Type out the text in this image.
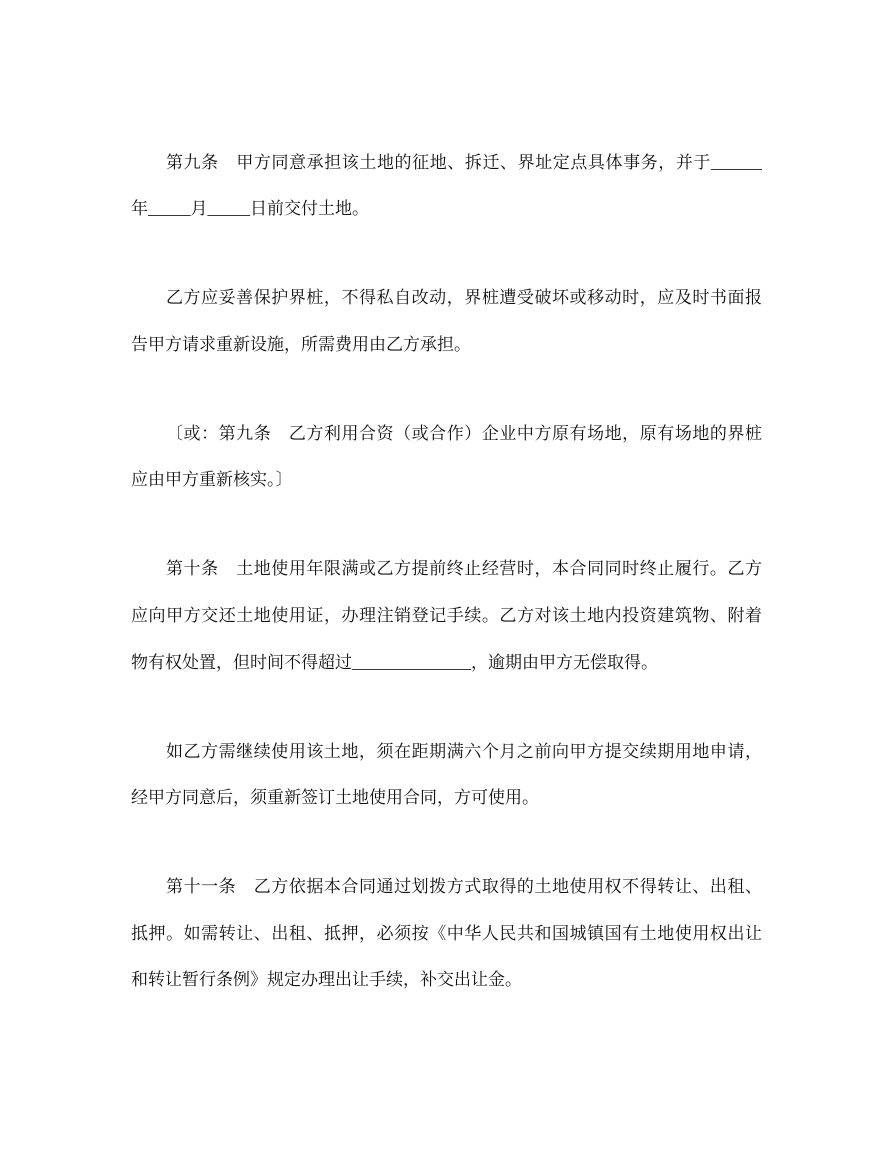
第九条　甲方同意承担该土地的征地、拆迁、界址定点具体事务，并于______
年_____月_____日前交付土地。
乙方应妥善保护界桩，不得私自改动，界桩遭受破坏或移动时，应及时书面报
告甲方请求重新设施，所需费用由乙方承担。
〔或：第九条　乙方利用合资（或合作）企业中方原有场地，原有场地的界桩
应由甲方重新核实。〕
第十条　土地使用年限满或乙方提前终止经营时，本合同同时终止履行。乙方
应向甲方交还土地使用证，办理注销登记手续。乙方对该土地内投资建筑物、附着
物有权处置，但时间不得超过______________，逾期由甲方无偿取得。
如乙方需继续使用该土地，须在距期满六个月之前向甲方提交续期用地申请，
经甲方同意后，须重新签订土地使用合同，方可使用。
第十一条　乙方依据本合同通过划拨方式取得的土地使用权不得转让、出租、
抵押。如需转让、出租、抵押，必须按《中华人民共和国城镇国有土地使用权出让
和转让暂行条例》规定办理出让手续，补交出让金。
